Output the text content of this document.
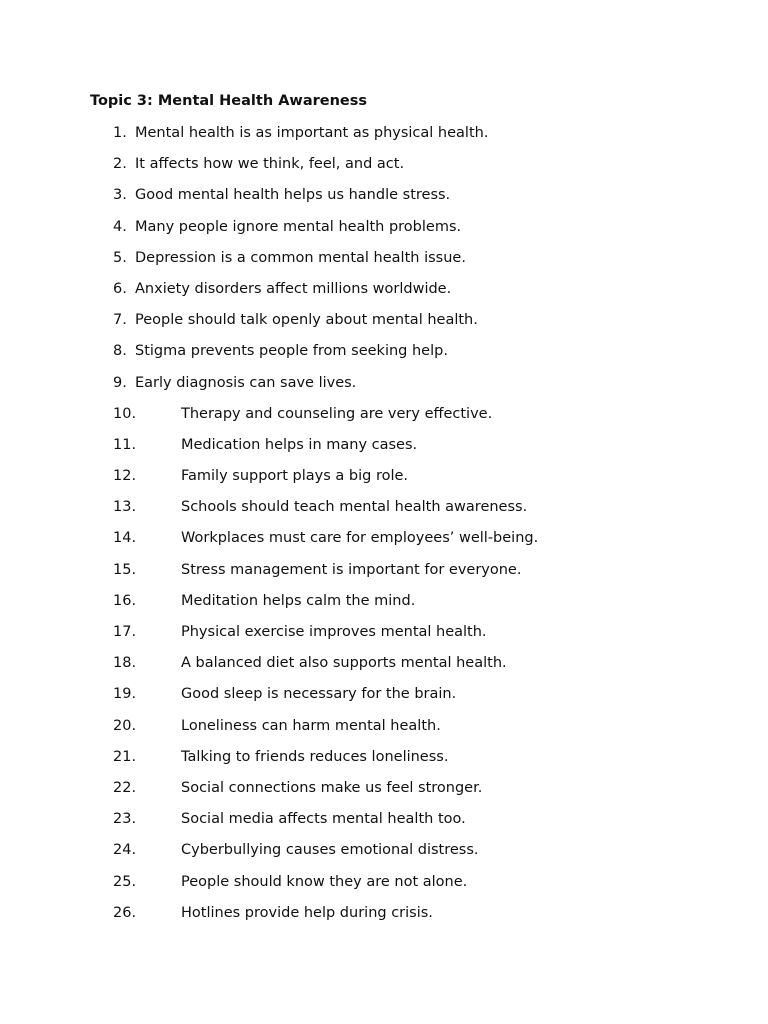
Topic 3: Mental Health Awareness
1. Mental health is as important as physical health.
2. It affects how we think, feel, and act.
3. Good mental health helps us handle stress.
4. Many people ignore mental health problems.
5. Depression is a common mental health issue.
6. Anxiety disorders affect millions worldwide.
7. People should talk openly about mental health.
8. Stigma prevents people from seeking help.
9. Early diagnosis can save lives.
10.	Therapy and counseling are very effective.
11.	Medication helps in many cases.
12.	Family support plays a big role.
13.	Schools should teach mental health awareness.
14.	Workplaces must care for employees’ well-being.
15.	Stress management is important for everyone.
16.	Meditation helps calm the mind.
17.	Physical exercise improves mental health.
18.	A balanced diet also supports mental health.
19.	Good sleep is necessary for the brain.
20.	Loneliness can harm mental health.
21.	Talking to friends reduces loneliness.
22.	Social connections make us feel stronger.
23.	Social media affects mental health too.
24.	Cyberbullying causes emotional distress.
25.	People should know they are not alone.
26.	Hotlines provide help during crisis.
